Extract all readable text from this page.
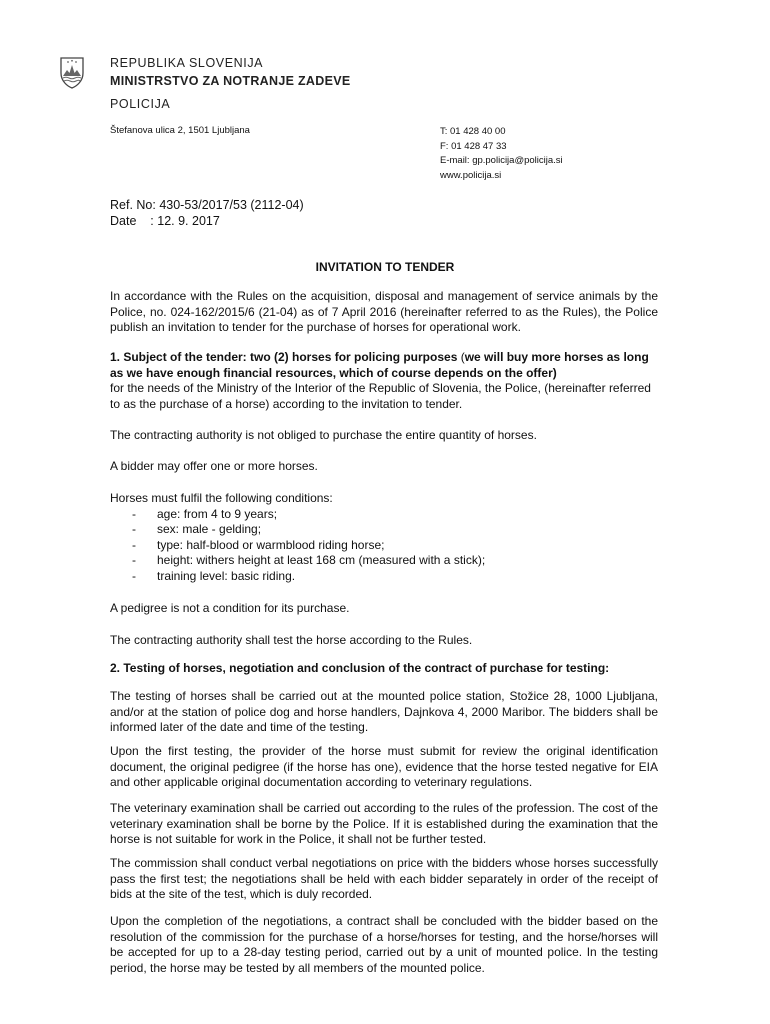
REPUBLIKA SLOVENIJA
MINISTRSTVO ZA NOTRANJE ZADEVE
POLICIJA
Štefanova ulica 2, 1501 Ljubljana	T: 01 428 40 00
F: 01 428 47 33
E-mail: gp.policija@policija.si
www.policija.si
Ref. No: 430-53/2017/53 (2112-04)
Date    : 12. 9. 2017
INVITATION TO TENDER

In accordance with the Rules on the acquisition, disposal and management of service animals by the Police, no. 024-162/2015/6 (21-04) as of 7 April 2016 (hereinafter referred to as the Rules), the Police publish an invitation to tender for the purchase of horses for operational work.

1. Subject of the tender: two (2) horses for policing purposes (we will buy more horses as long as we have enough financial resources, which of course depends on the offer)
for the needs of the Ministry of the Interior of the Republic of Slovenia, the Police, (hereinafter referred to as the purchase of a horse) according to the invitation to tender.

The contracting authority is not obliged to purchase the entire quantity of horses.

A bidder may offer one or more horses.

Horses must fulfil the following conditions:
- age: from 4 to 9 years;
- sex: male - gelding;
- type: half-blood or warmblood riding horse;
- height: withers height at least 168 cm (measured with a stick);
- training level: basic riding.

A pedigree is not a condition for its purchase.

The contracting authority shall test the horse according to the Rules.

2. Testing of horses, negotiation and conclusion of the contract of purchase for testing:

The testing of horses shall be carried out at the mounted police station, Stožice 28, 1000 Ljubljana, and/or at the station of police dog and horse handlers, Dajnkova 4, 2000 Maribor. The bidders shall be informed later of the date and time of the testing.

Upon the first testing, the provider of the horse must submit for review the original identification document, the original pedigree (if the horse has one), evidence that the horse tested negative for EIA and other applicable original documentation according to veterinary regulations.

The veterinary examination shall be carried out according to the rules of the profession. The cost of the veterinary examination shall be borne by the Police. If it is established during the examination that the horse is not suitable for work in the Police, it shall not be further tested.

The commission shall conduct verbal negotiations on price with the bidders whose horses successfully pass the first test; the negotiations shall be held with each bidder separately in order of the receipt of bids at the site of the test, which is duly recorded.

Upon the completion of the negotiations, a contract shall be concluded with the bidder based on the resolution of the commission for the purchase of a horse/horses for testing, and the horse/horses will be accepted for up to a 28-day testing period, carried out by a unit of mounted police. In the testing period, the horse may be tested by all members of the mounted police.
